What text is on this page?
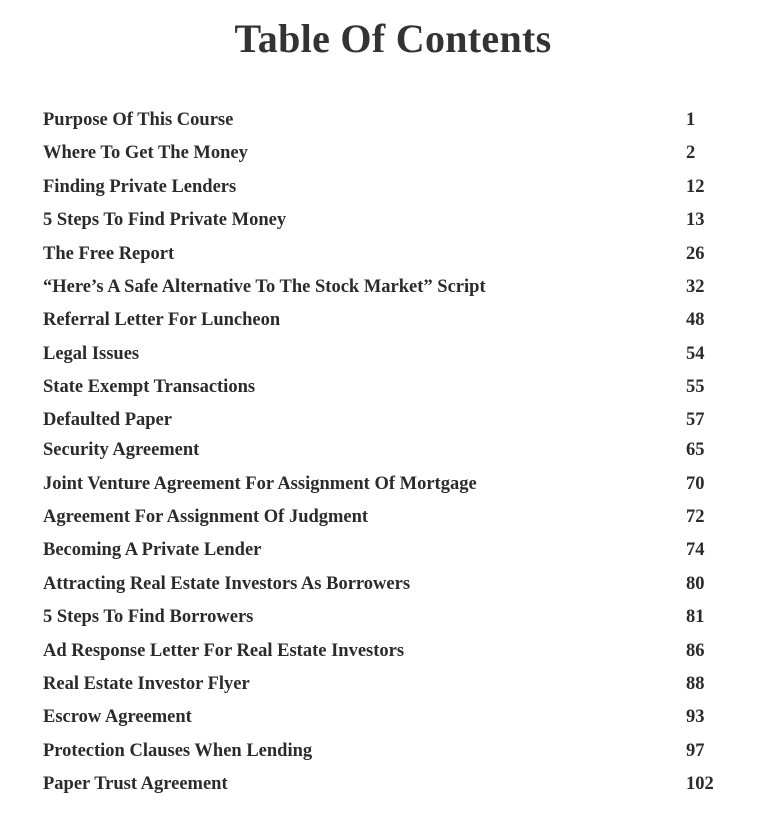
Table Of Contents
Purpose Of This Course	1
Where To Get The Money	2
Finding Private Lenders	12
5 Steps To Find Private Money	13
The Free Report	26
“Here’s A Safe Alternative To The Stock Market” Script	32
Referral Letter For Luncheon	48
Legal Issues	54
State Exempt Transactions	55
Defaulted Paper	57
Security Agreement	65
Joint Venture Agreement For Assignment Of Mortgage	70
Agreement For Assignment Of Judgment	72
Becoming A Private Lender	74
Attracting Real Estate Investors As Borrowers	80
5 Steps To Find Borrowers	81
Ad Response Letter For Real Estate Investors	86
Real Estate Investor Flyer	88
Escrow Agreement	93
Protection Clauses When Lending	97
Paper Trust Agreement	102
